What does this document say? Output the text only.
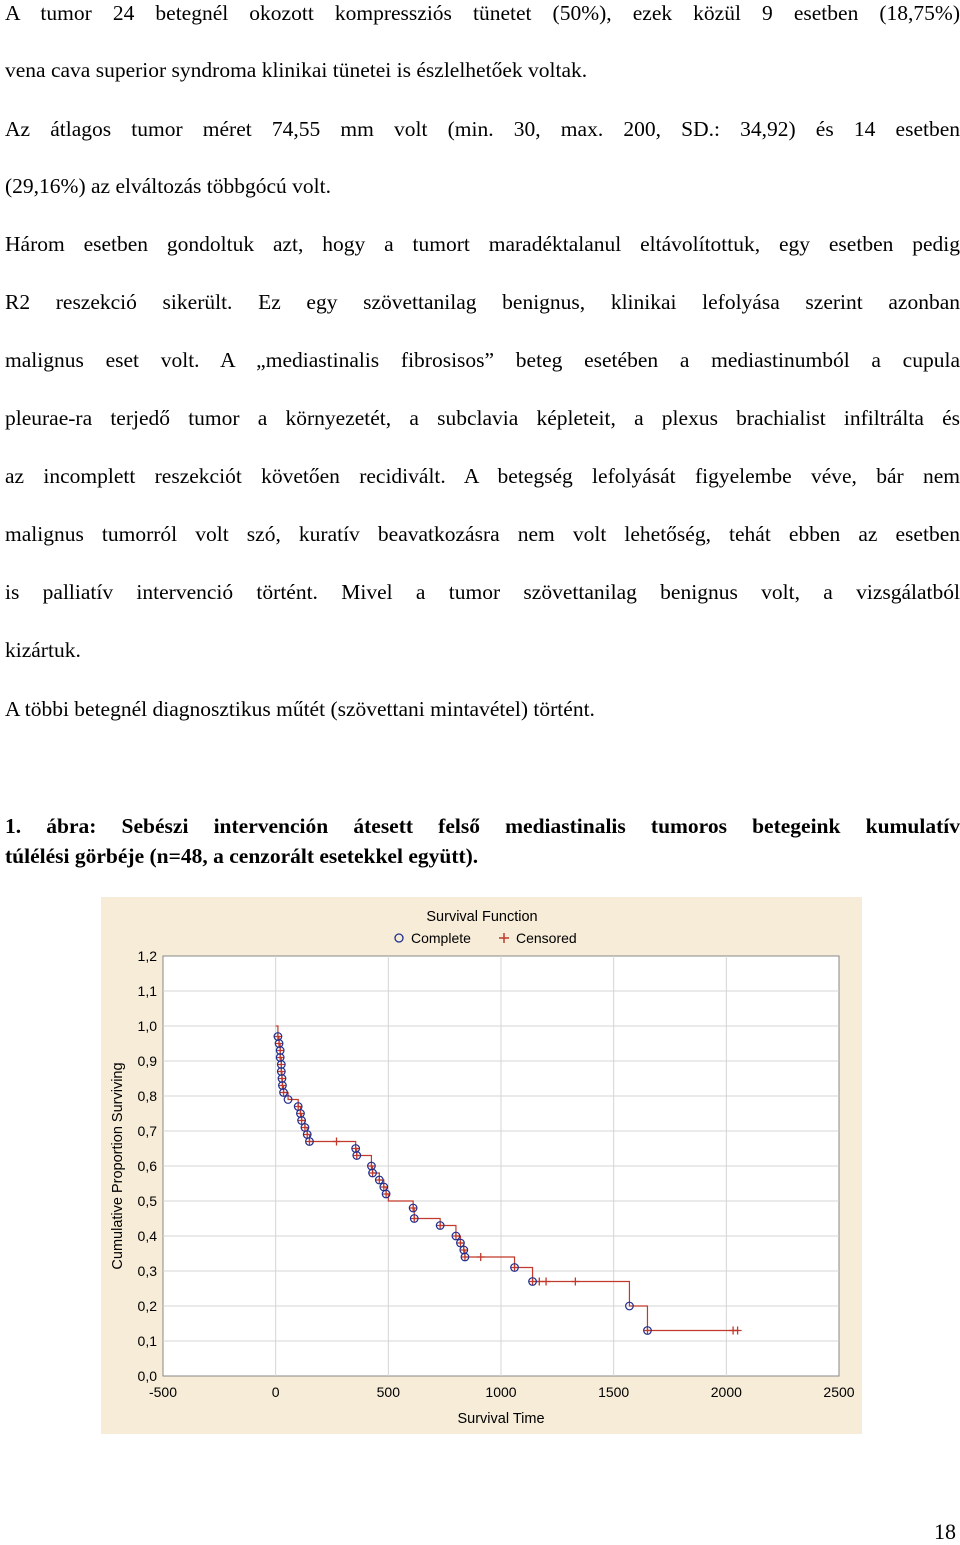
A tumor 24 betegnél okozott kompressziós tünetet (50%), ezek közül 9 esetben (18,75%)
vena cava superior syndroma klinikai tünetei is észlelhetőek voltak.
Az átlagos tumor méret 74,55 mm volt (min. 30, max. 200, SD.: 34,92) és 14 esetben
(29,16%) az elváltozás többgócú volt.
Három esetben gondoltuk azt, hogy a tumort maradéktalanul eltávolítottuk, egy esetben pedig
R2 reszekció sikerült. Ez egy szövettanilag benignus, klinikai lefolyása szerint azonban
malignus eset volt. A „mediastinalis fibrosisos” beteg esetében a mediastinumból a cupula
pleurae-ra terjedő tumor a környezetét, a subclavia képleteit, a plexus brachialist infiltrálta és
az incomplett reszekciót követően recidivált. A betegség lefolyását figyelembe véve, bár nem
malignus tumorról volt szó, kuratív beavatkozásra nem volt lehetőség, tehát ebben az esetben
is palliatív intervenció történt. Mivel a tumor szövettanilag benignus volt, a vizsgálatból
kizártuk.
A többi betegnél diagnosztikus műtét (szövettani mintavétel) történt.
1. ábra: Sebészi intervención átesett felső mediastinalis tumoros betegeink kumulatív
túlélési görbéje (n=48, a cenzorált esetekkel együtt).
0,0
0,1
0,2
0,3
0,4
0,5
0,6
0,7
0,8
0,9
1,0
1,1
1,2
-500	0	500	1000	1500	2000	2500
Survival Function
Survival Time
Cumulative Proportion Surviving
Complete	Censored
18
